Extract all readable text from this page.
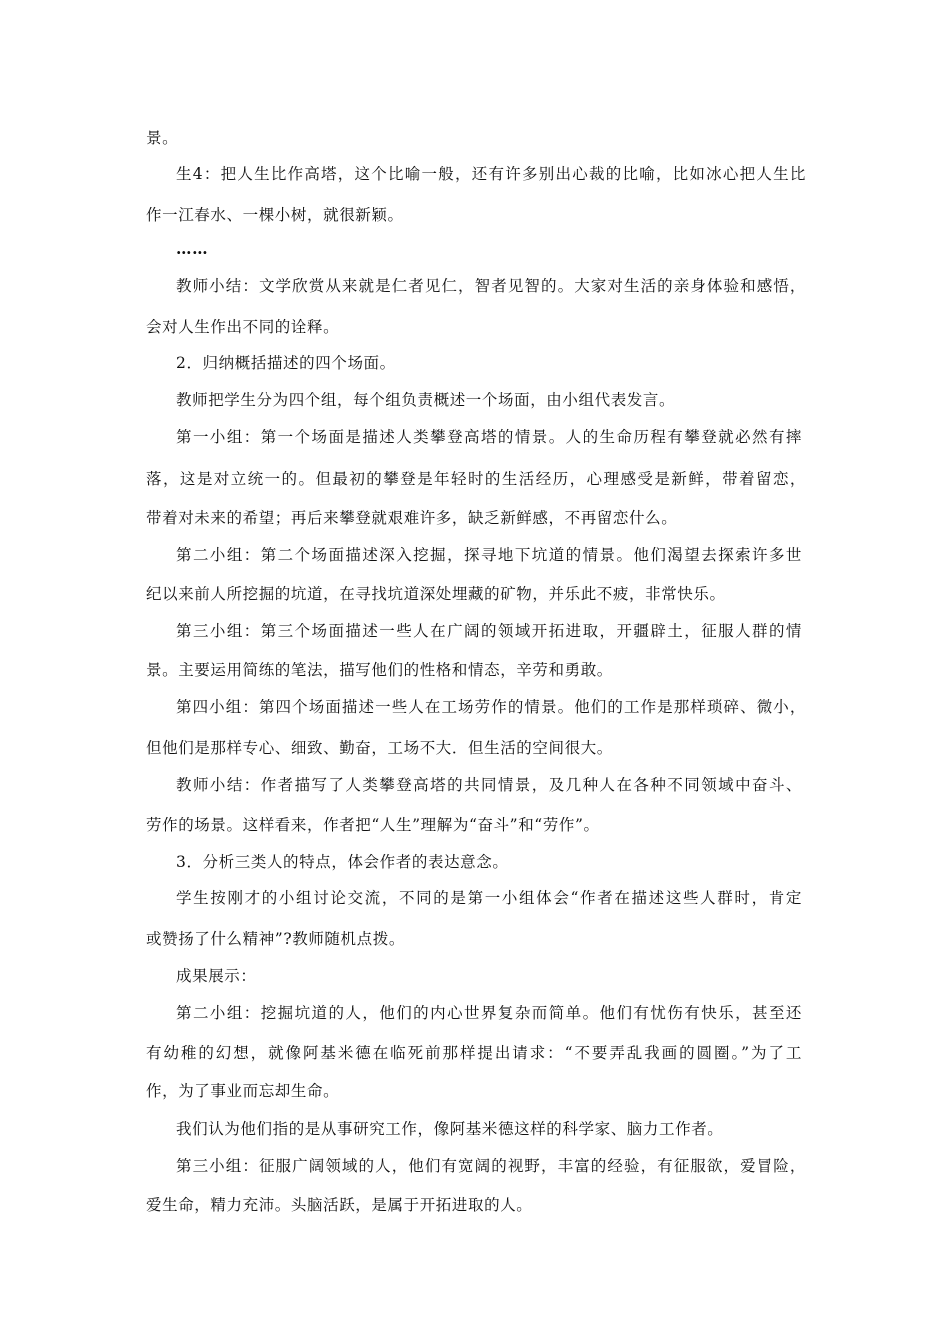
景。
生4：把人生比作高塔，这个比喻一般，还有许多别出心裁的比喻，比如冰心把人生比
作一江春水、一棵小树，就很新颖。
……
教师小结：文学欣赏从来就是仁者见仁，智者见智的。大家对生活的亲身体验和感悟，
会对人生作出不同的诠释。
2．归纳概括描述的四个场面。
教师把学生分为四个组，每个组负责概述一个场面，由小组代表发言。
第一小组：第一个场面是描述人类攀登高塔的情景。人的生命历程有攀登就必然有摔
落，这是对立统一的。但最初的攀登是年轻时的生活经历，心理感受是新鲜，带着留恋，
带着对未来的希望；再后来攀登就艰难许多，缺乏新鲜感，不再留恋什么。
第二小组：第二个场面描述深入挖掘，探寻地下坑道的情景。他们渴望去探索许多世
纪以来前人所挖掘的坑道，在寻找坑道深处埋藏的矿物，并乐此不疲，非常快乐。
第三小组：第三个场面描述一些人在广阔的领域开拓进取，开疆辟土，征服人群的情
景。主要运用简练的笔法，描写他们的性格和情态，辛劳和勇敢。
第四小组：第四个场面描述一些人在工场劳作的情景。他们的工作是那样琐碎、微小，
但他们是那样专心、细致、勤奋，工场不大．但生活的空间很大。
教师小结：作者描写了人类攀登高塔的共同情景，及几种人在各种不同领域中奋斗、
劳作的场景。这样看来，作者把“人生”理解为“奋斗”和“劳作”。
3．分析三类人的特点，体会作者的表达意念。
学生按刚才的小组讨论交流，不同的是第一小组体会“作者在描述这些人群时，肯定
或赞扬了什么精神”?教师随机点拨。
成果展示：
第二小组：挖掘坑道的人，他们的内心世界复杂而简单。他们有忧伤有快乐，甚至还
有幼稚的幻想，就像阿基米德在临死前那样提出请求：“不要弄乱我画的圆圈。”为了工
作，为了事业而忘却生命。
我们认为他们指的是从事研究工作，像阿基米德这样的科学家、脑力工作者。
第三小组：征服广阔领域的人，他们有宽阔的视野，丰富的经验，有征服欲，爱冒险，
爱生命，精力充沛。头脑活跃，是属于开拓进取的人。
